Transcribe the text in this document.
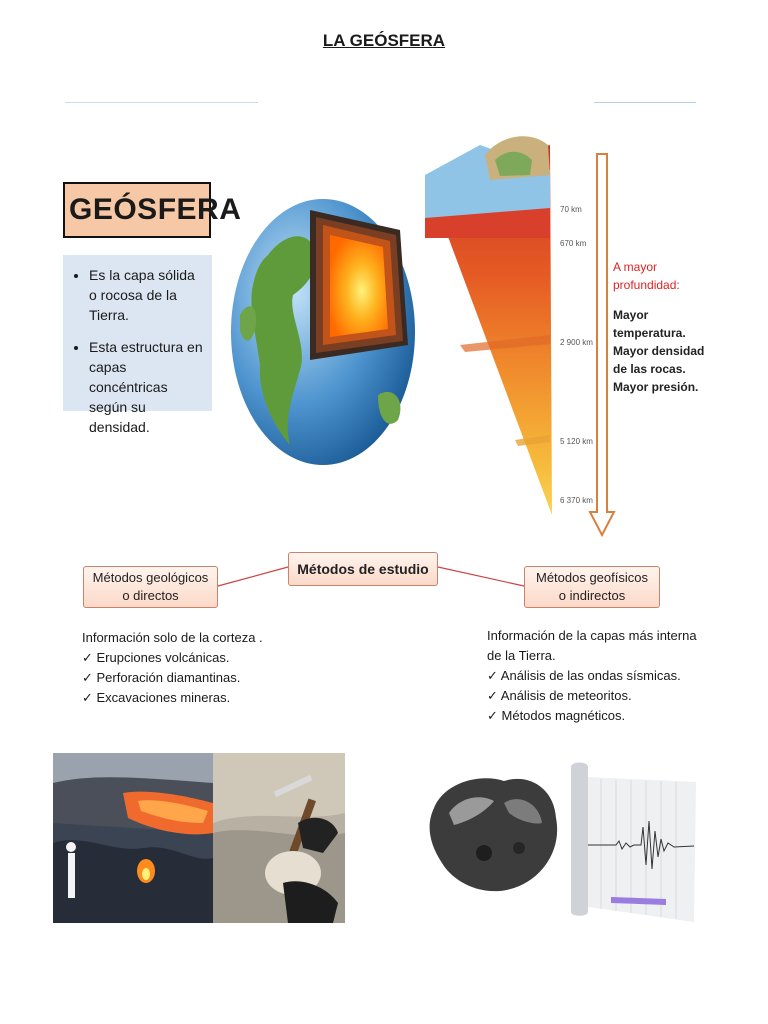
LA GEÓSFERA
GEÓSFERA
• Es la capa sólida o rocosa de la Tierra.
• Esta estructura en capas concéntricas según su densidad.
70 km
670 km
2 900 km
5 120 km
6 370 km
A mayor profundidad:
Mayor temperatura.
Mayor densidad de las rocas.
Mayor presión.
Métodos de estudio
Métodos geológicos o directos
Métodos geofísicos o indirectos
Información solo de la corteza .
✓ Erupciones volcánicas.
✓ Perforación diamantinas.
✓ Excavaciones mineras.
Información de la capas más interna de la Tierra.
✓ Análisis de las ondas sísmicas.
✓ Análisis de meteoritos.
✓ Métodos magnéticos.
